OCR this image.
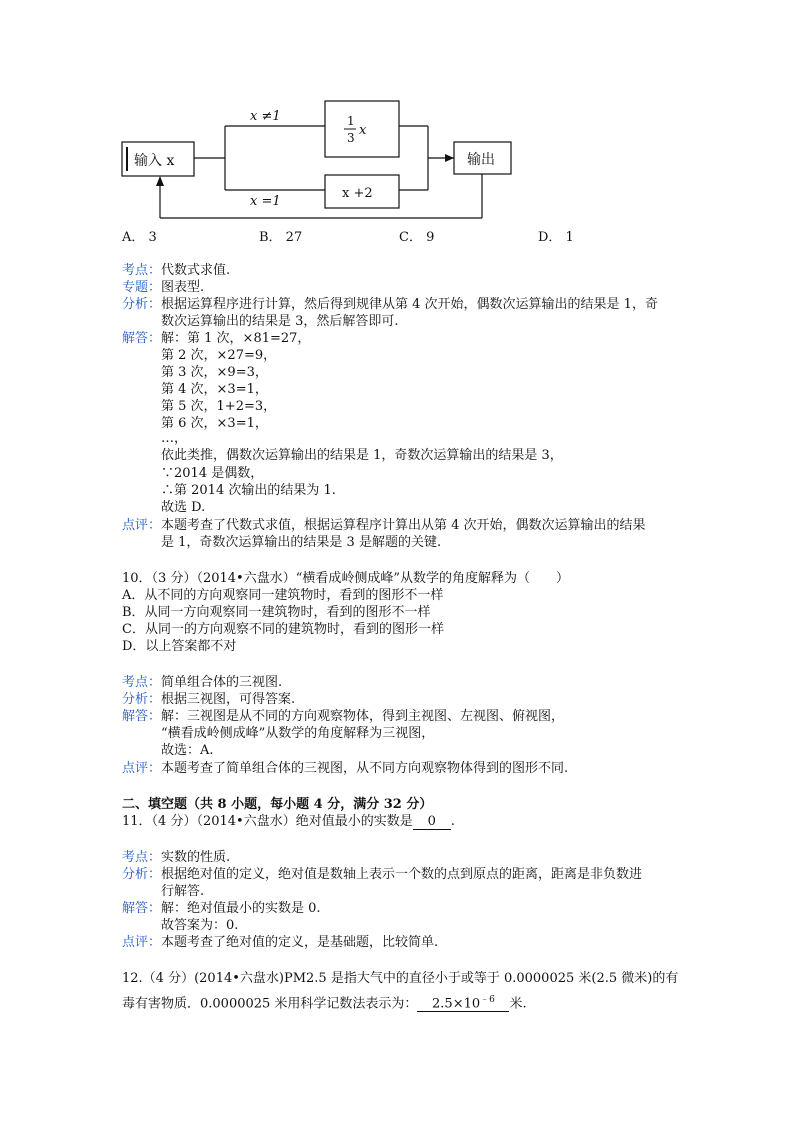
输入 x	输出
x ≠1
x =1
1
3 x
x +2
A． 3	B． 27	C． 9	D． 1
考点：代数式求值.
专题：图表型.
分析：根据运算程序进行计算，然后得到规律从第 4 次开始，偶数次运算输出的结果是 1，奇
数次运算输出的结果是 3，然后解答即可.
解答：解：第 1 次，×81=27，
第 2 次，×27=9，
第 3 次，×9=3，
第 4 次，×3=1，
第 5 次，1+2=3，
第 6 次，×3=1，
…，
依此类推，偶数次运算输出的结果是 1，奇数次运算输出的结果是 3，
∵2014 是偶数，
∴第 2014 次输出的结果为 1.
故选 D.
点评：本题考查了代数式求值，根据运算程序计算出从第 4 次开始，偶数次运算输出的结果
是 1，奇数次运算输出的结果是 3 是解题的关键.
10．（3 分）（2014•六盘水）“横看成岭侧成峰”从数学的角度解释为（　　）
A．从不同的方向观察同一建筑物时，看到的图形不一样
B．从同一方向观察同一建筑物时，看到的图形不一样
C．从同一的方向观察不同的建筑物时，看到的图形一样
D．以上答案都不对
考点：简单组合体的三视图.
分析：根据三视图，可得答案.
解答：解：三视图是从不同的方向观察物体，得到主视图、左视图、俯视图，
“横看成岭侧成峰”从数学的角度解释为三视图，
故选：A.
点评：本题考查了简单组合体的三视图，从不同方向观察物体得到的图形不同.
二、填空题（共 8 小题，每小题 4 分，满分 32 分）
11．（4 分）（2014•六盘水）绝对值最小的实数是 0 .
考点：实数的性质.
分析：根据绝对值的定义，绝对值是数轴上表示一个数的点到原点的距离，距离是非负数进
行解答.
解答：解：绝对值最小的实数是 0.
故答案为：0.
点评：本题考查了绝对值的定义，是基础题，比较简单.
12.（4 分）(2014•六盘水)PM2.5 是指大气中的直径小于或等于 0.0000025 米(2.5 微米)的有
毒有害物质．0.0000025 米用科学记数法表示为： $2.5\times 10^{﹣6}$ 米.
